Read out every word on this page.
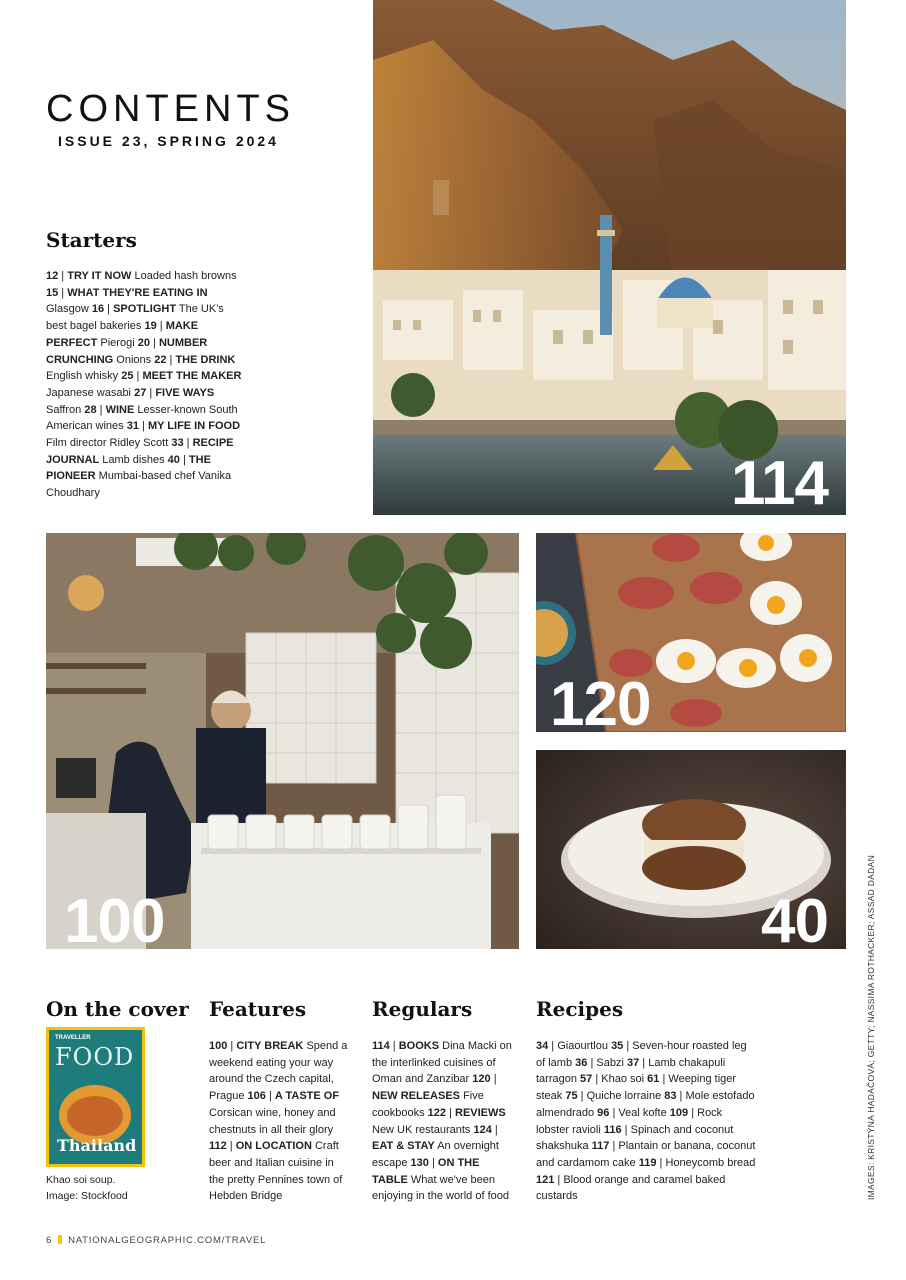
CONTENTS
ISSUE 23, SPRING 2024
Starters
12 | TRY IT NOW Loaded hash browns 15 | WHAT THEY'RE EATING IN Glasgow 16 | SPOTLIGHT The UK's best bagel bakeries 19 | MAKE PERFECT Pierogi 20 | NUMBER CRUNCHING Onions 22 | THE DRINK English whisky 25 | MEET THE MAKER Japanese wasabi 27 | FIVE WAYS Saffron 28 | WINE Lesser-known South American wines 31 | MY LIFE IN FOOD Film director Ridley Scott 33 | RECIPE JOURNAL Lamb dishes 40 | THE PIONEER Mumbai-based chef Vanika Choudhary	114
100
120
40
On the cover
TRAVELLER
FOOD
Thailand
Khao soi soup.
Image: Stockfood
Features
100 | CITY BREAK Spend a weekend eating your way around the Czech capital, Prague 106 | A TASTE OF Corsican wine, honey and chestnuts in all their glory 112 | ON LOCATION Craft beer and Italian cuisine in the pretty Pennines town of Hebden Bridge
Regulars
114 | BOOKS Dina Macki on the interlinked cuisines of Oman and Zanzibar 120 | NEW RELEASES Five cookbooks 122 | REVIEWS New UK restaurants 124 | EAT & STAY An overnight escape 130 | ON THE TABLE What we've been enjoying in the world of food
Recipes
34 | Giaourtlou 35 | Seven-hour roasted leg of lamb 36 | Sabzi 37 | Lamb chakapuli tarragon 57 | Khao soi 61 | Weeping tiger steak 75 | Quiche lorraine 83 | Mole estofado almendrado 96 | Veal kofte 109 | Rock lobster ravioli 116 | Spinach and coconut shakshuka 117 | Plantain or banana, coconut and cardamom cake 119 | Honeycomb bread 121 | Blood orange and caramel baked custards	IMAGES: KRISTÝNA HADAČOVÁ; GETTY; NASSIMA ROTHACKER; ASSAD DADAN
6 NATIONALGEOGRAPHIC.COM/TRAVEL
